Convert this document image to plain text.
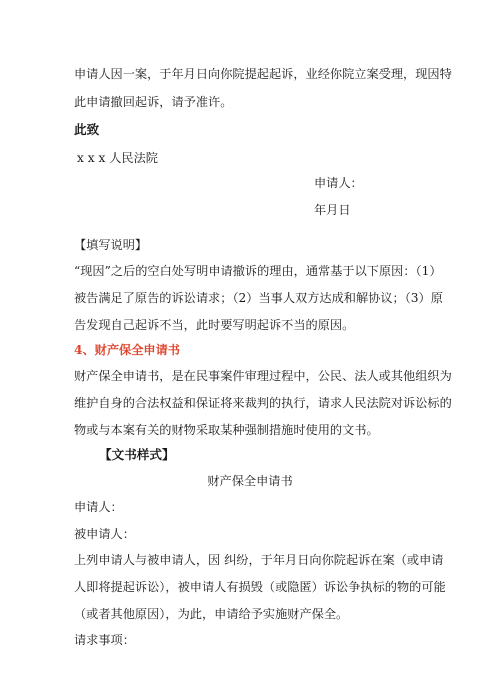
申请人因一案，于年月日向你院提起起诉，业经你院立案受理，现因特
此申请撤回起诉，请予准许。
此致
x x x 人民法院
申请人：
年月日
【填写说明】
“现因”之后的空白处写明申请撤诉的理由，通常基于以下原因：（1）
被告满足了原告的诉讼请求；（2）当事人双方达成和解协议；（3）原
告发现自己起诉不当，此时要写明起诉不当的原因。
4、财产保全申请书
财产保全申请书，是在民事案件审理过程中，公民、法人或其他组织为
维护自身的合法权益和保证将来裁判的执行，请求人民法院对诉讼标的
物或与本案有关的财物采取某种强制措施时使用的文书。
【文书样式】
财产保全申请书
申请人：
被申请人：
上列申请人与被申请人，因 纠纷，于年月日向你院起诉在案（或申请
人即将提起诉讼），被申请人有损毁（或隐匿）诉讼争执标的物的可能
（或者其他原因），为此，申请给予实施财产保全。
请求事项：
